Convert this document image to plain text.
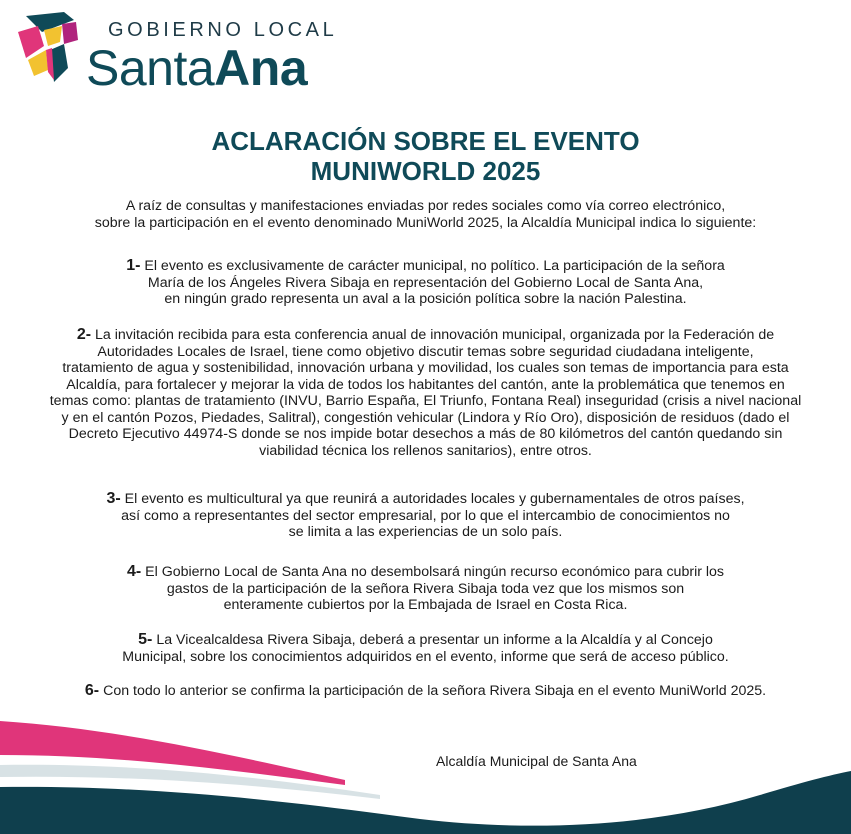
GOBIERNO LOCAL
SantaAna
ACLARACIÓN SOBRE EL EVENTO
MUNIWORLD 2025
A raíz de consultas y manifestaciones enviadas por redes sociales como vía correo electrónico,
sobre la participación en el evento denominado MuniWorld 2025, la Alcaldía Municipal indica lo siguiente:
1- El evento es exclusivamente de carácter municipal, no político. La participación de la señora
María de los Ángeles Rivera Sibaja en representación del Gobierno Local de Santa Ana,
en ningún grado representa un aval a la posición política sobre la nación Palestina.
2- La invitación recibida para esta conferencia anual de innovación municipal, organizada por la Federación de
Autoridades Locales de Israel, tiene como objetivo discutir temas sobre seguridad ciudadana inteligente,
tratamiento de agua y sostenibilidad, innovación urbana y movilidad, los cuales son temas de importancia para esta
Alcaldía, para fortalecer y mejorar la vida de todos los habitantes del cantón, ante la problemática que tenemos en
temas como: plantas de tratamiento (INVU, Barrio España, El Triunfo, Fontana Real) inseguridad (crisis a nivel nacional
y en el cantón Pozos, Piedades, Salitral), congestión vehicular (Lindora y Río Oro), disposición de residuos (dado el
Decreto Ejecutivo 44974-S donde se nos impide botar desechos a más de 80 kilómetros del cantón quedando sin
viabilidad técnica los rellenos sanitarios), entre otros.
3- El evento es multicultural ya que reunirá a autoridades locales y gubernamentales de otros países,
así como a representantes del sector empresarial, por lo que el intercambio de conocimientos no
se limita a las experiencias de un solo país.
4- El Gobierno Local de Santa Ana no desembolsará ningún recurso económico para cubrir los
gastos de la participación de la señora Rivera Sibaja toda vez que los mismos son
enteramente cubiertos por la Embajada de Israel en Costa Rica.
5- La Vicealcaldesa Rivera Sibaja, deberá a presentar un informe a la Alcaldía y al Concejo
Municipal, sobre los conocimientos adquiridos en el evento, informe que será de acceso público.
6- Con todo lo anterior se confirma la participación de la señora Rivera Sibaja en el evento MuniWorld 2025.
Alcaldía Municipal de Santa Ana
